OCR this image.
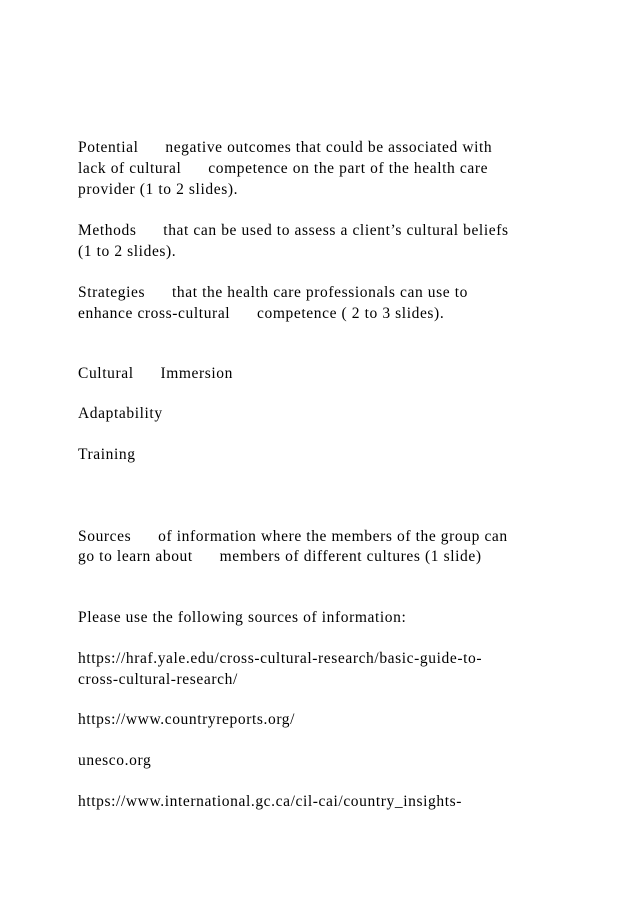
Potential      negative outcomes that could be associated with
lack of cultural      competence on the part of the health care
provider (1 to 2 slides).
Methods      that can be used to assess a client’s cultural beliefs
(1 to 2 slides).
Strategies      that the health care professionals can use to
enhance cross-cultural      competence ( 2 to 3 slides).
Cultural      Immersion
Adaptability
Training
Sources      of information where the members of the group can
go to learn about      members of different cultures (1 slide)
Please use the following sources of information:
https://hraf.yale.edu/cross-cultural-research/basic-guide-to-
cross-cultural-research/
https://www.countryreports.org/
unesco.org
https://www.international.gc.ca/cil-cai/country_insights-
